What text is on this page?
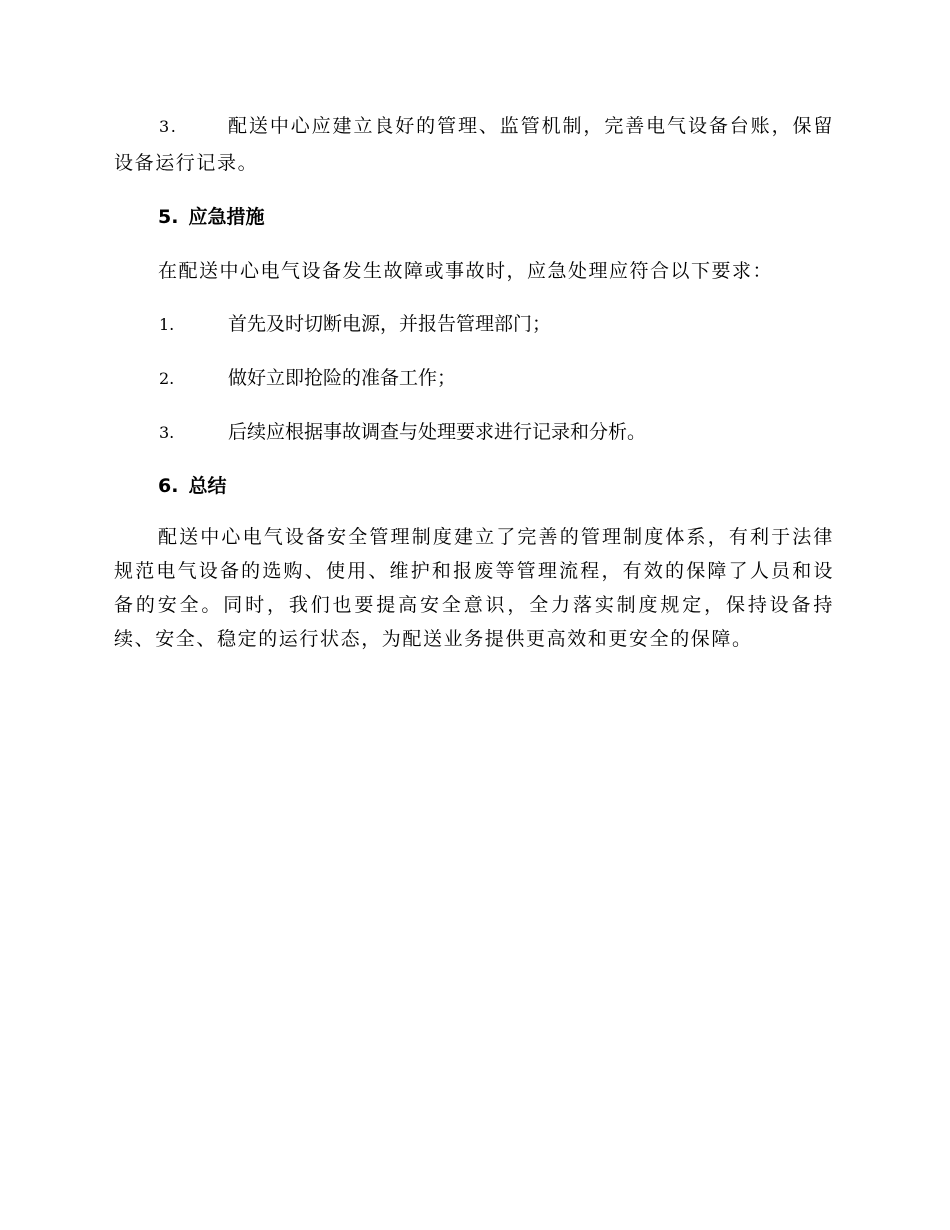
3.	配送中心应建立良好的管理、监管机制，完善电气设备台账，保留设备运行记录。
5. 应急措施
在配送中心电气设备发生故障或事故时，应急处理应符合以下要求：
1.	首先及时切断电源，并报告管理部门；
2.	做好立即抢险的准备工作；
3.	后续应根据事故调查与处理要求进行记录和分析。
6. 总结
配送中心电气设备安全管理制度建立了完善的管理制度体系，有利于法律规范电气设备的选购、使用、维护和报废等管理流程，有效的保障了人员和设备的安全。同时，我们也要提高安全意识，全力落实制度规定，保持设备持续、安全、稳定的运行状态，为配送业务提供更高效和更安全的保障。
